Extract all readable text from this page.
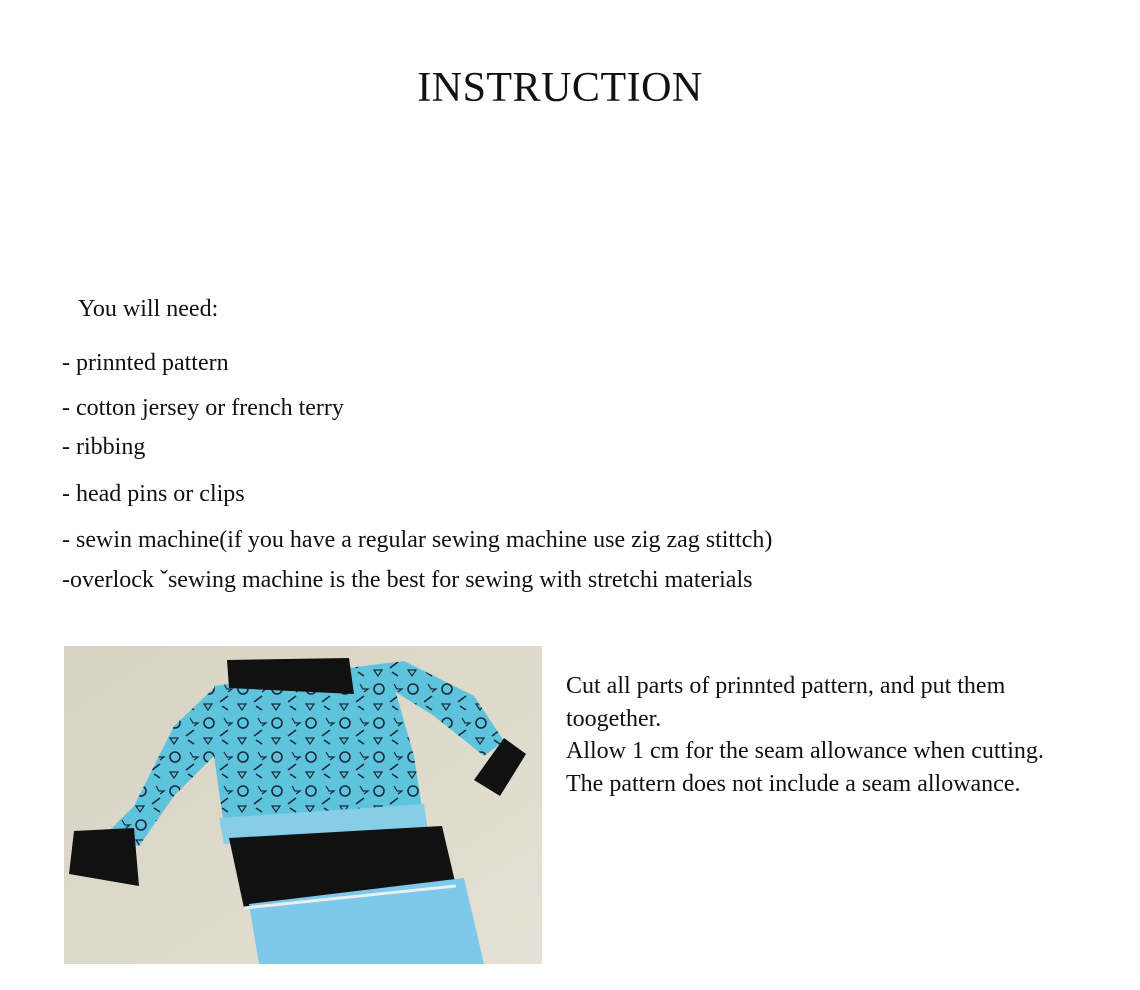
INSTRUCTION
You will need:
- prinnted pattern
- cotton jersey or french terry
- ribbing
- head pins or clips
- sewin machine(if you have a regular sewing machine use zig zag stittch)
-overlock ˇsewing machine is the best for sewing with stretchi materials
Cut all parts of prinnted pattern, and put them
toogether.
Allow 1 cm for the seam allowance when cutting.
The pattern does not include a seam allowance.
